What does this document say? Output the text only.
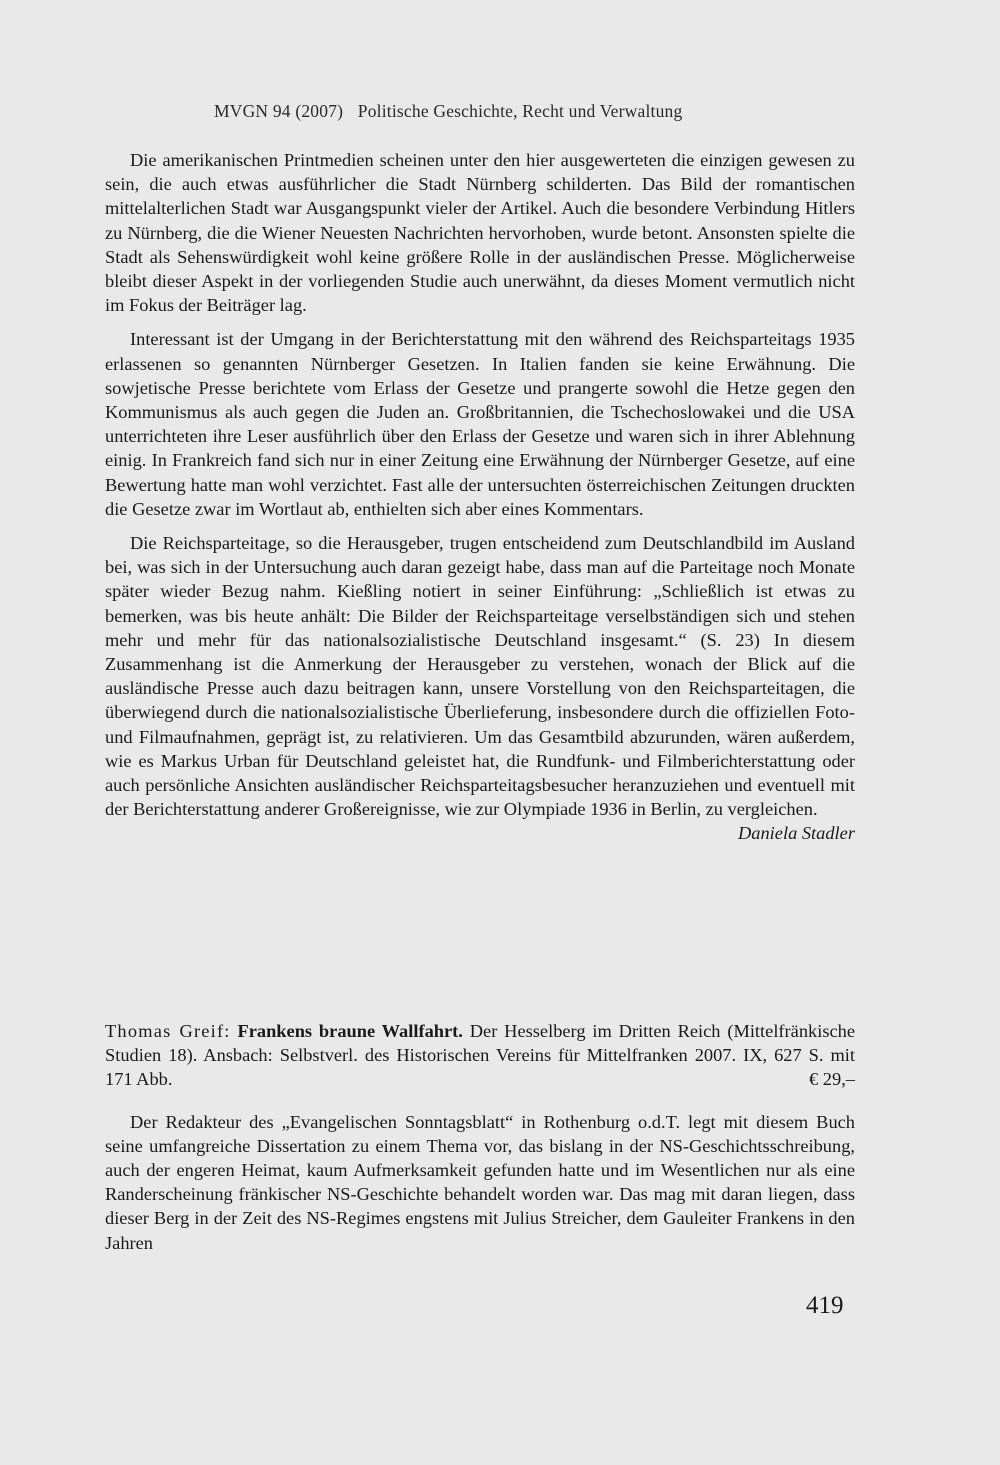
MVGN 94 (2007) Politische Geschichte, Recht und Verwaltung

Die amerikanischen Printmedien scheinen unter den hier ausgewerteten die einzigen gewesen zu sein, die auch etwas ausführlicher die Stadt Nürnberg schilderten. Das Bild der romantischen mittelalterlichen Stadt war Ausgangspunkt vieler der Artikel. Auch die besondere Verbindung Hitlers zu Nürnberg, die die Wiener Neuesten Nachrichten hervorhoben, wurde betont. Ansonsten spielte die Stadt als Sehenswürdigkeit wohl keine größere Rolle in der ausländischen Presse. Möglicherweise bleibt dieser Aspekt in der vorliegenden Studie auch unerwähnt, da dieses Moment vermutlich nicht im Fokus der Beiträger lag.

Interessant ist der Umgang in der Berichterstattung mit den während des Reichsparteitags 1935 erlassenen so genannten Nürnberger Gesetzen. In Italien fanden sie keine Erwähnung. Die sowjetische Presse berichtete vom Erlass der Gesetze und prangerte sowohl die Hetze gegen den Kommunismus als auch gegen die Juden an. Großbritannien, die Tschechoslowakei und die USA unterrichteten ihre Leser ausführlich über den Erlass der Gesetze und waren sich in ihrer Ablehnung einig. In Frankreich fand sich nur in einer Zeitung eine Erwähnung der Nürnberger Gesetze, auf eine Bewertung hatte man wohl verzichtet. Fast alle der untersuchten österreichischen Zeitungen druckten die Gesetze zwar im Wortlaut ab, enthielten sich aber eines Kommentars.

Die Reichsparteitage, so die Herausgeber, trugen entscheidend zum Deutschlandbild im Ausland bei, was sich in der Untersuchung auch daran gezeigt habe, dass man auf die Parteitage noch Monate später wieder Bezug nahm. Kießling notiert in seiner Einführung: „Schließlich ist etwas zu bemerken, was bis heute anhält: Die Bilder der Reichsparteitage verselbständigen sich und stehen mehr und mehr für das nationalsozialistische Deutschland insgesamt.“ (S. 23) In diesem Zusammenhang ist die Anmerkung der Herausgeber zu verstehen, wonach der Blick auf die ausländische Presse auch dazu beitragen kann, unsere Vorstellung von den Reichsparteitagen, die überwiegend durch die nationalsozialistische Überlieferung, insbesondere durch die offiziellen Foto- und Filmaufnahmen, geprägt ist, zu relativieren. Um das Gesamtbild abzurunden, wären außerdem, wie es Markus Urban für Deutschland geleistet hat, die Rundfunk- und Filmberichterstattung oder auch persönliche Ansichten ausländischer Reichsparteitagsbesucher heranzuziehen und eventuell mit der Berichterstattung anderer Großereignisse, wie zur Olympiade 1936 in Berlin, zu vergleichen.
Daniela Stadler

Thomas Greif: Frankens braune Wallfahrt. Der Hesselberg im Dritten Reich (Mittelfränkische Studien 18). Ansbach: Selbstverl. des Historischen Vereins für Mittelfranken 2007. IX, 627 S. mit 171 Abb.	€ 29,–

Der Redakteur des „Evangelischen Sonntagsblatt“ in Rothenburg o.d.T. legt mit diesem Buch seine umfangreiche Dissertation zu einem Thema vor, das bislang in der NS-Geschichtsschreibung, auch der engeren Heimat, kaum Aufmerksamkeit gefunden hatte und im Wesentlichen nur als eine Randerscheinung fränkischer NS-Geschichte behandelt worden war. Das mag mit daran liegen, dass dieser Berg in der Zeit des NS-Regimes engstens mit Julius Streicher, dem Gauleiter Frankens in den Jahren

419
